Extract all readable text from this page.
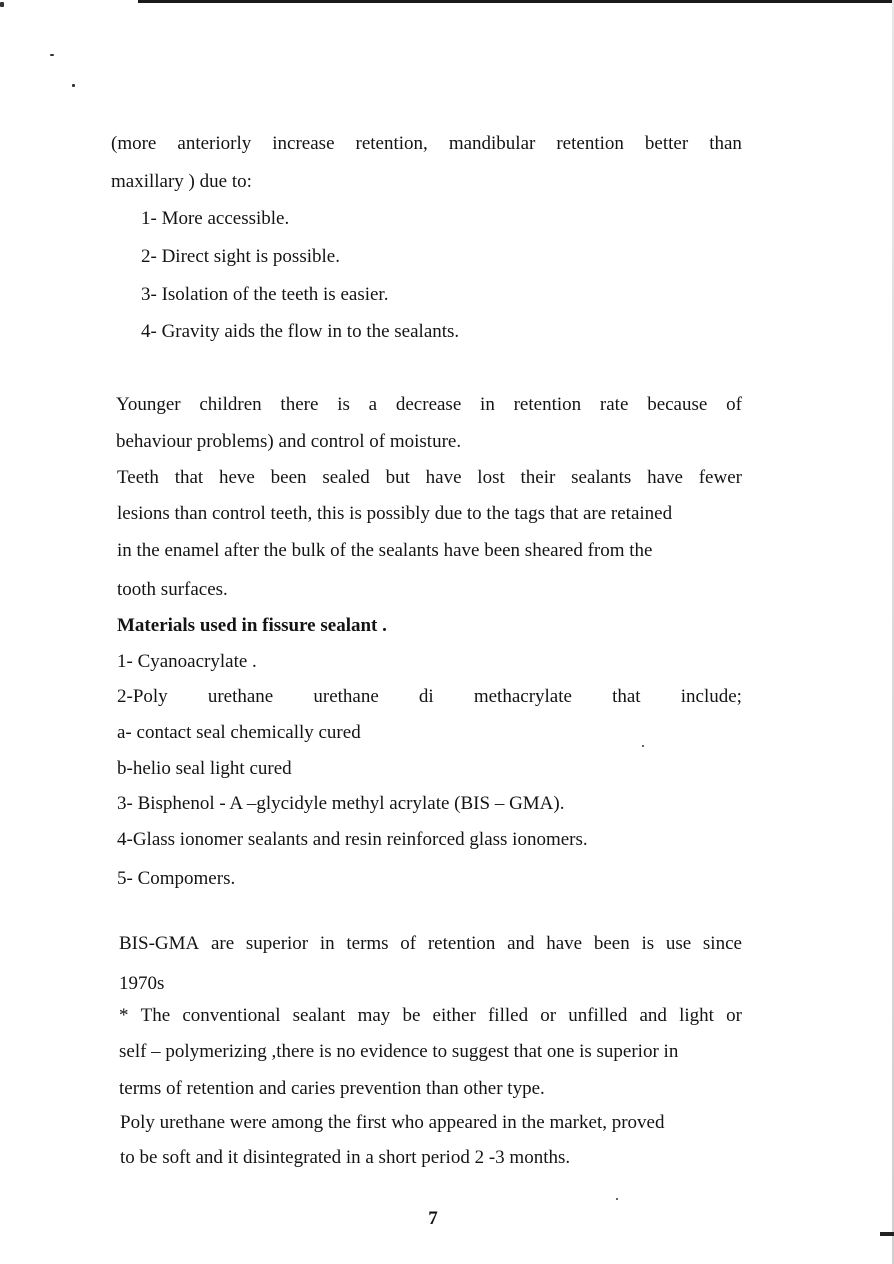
(more anteriorly increase retention, mandibular retention better than
maxillary ) due to:
1- More accessible.
2- Direct sight is possible.
3- Isolation of the teeth is easier.
4- Gravity aids the flow in to the sealants.
Younger children there is a decrease in retention rate because of
behaviour problems) and control of moisture.
Teeth that heve been sealed but have lost their sealants have fewer
lesions than control teeth, this is possibly due to the tags that are retained
in the enamel after the bulk of the sealants have been sheared from the
tooth surfaces.
Materials used in fissure sealant .
1- Cyanoacrylate .
2-Poly urethane urethane di methacrylate that include;
a- contact seal chemically cured
b-helio seal light cured
3- Bisphenol - A –glycidyle methyl acrylate (BIS – GMA).
4-Glass ionomer sealants and resin reinforced glass ionomers.
5- Compomers.
BIS-GMA are superior in terms of retention and have been is use since
1970s
* The conventional sealant may be either filled or unfilled and light or
self – polymerizing ,there is no evidence to suggest that one is superior in
terms of retention and caries prevention than other type.
Poly urethane were among the first who appeared in the market, proved
to be soft and it disintegrated in a short period 2 -3 months.
7
